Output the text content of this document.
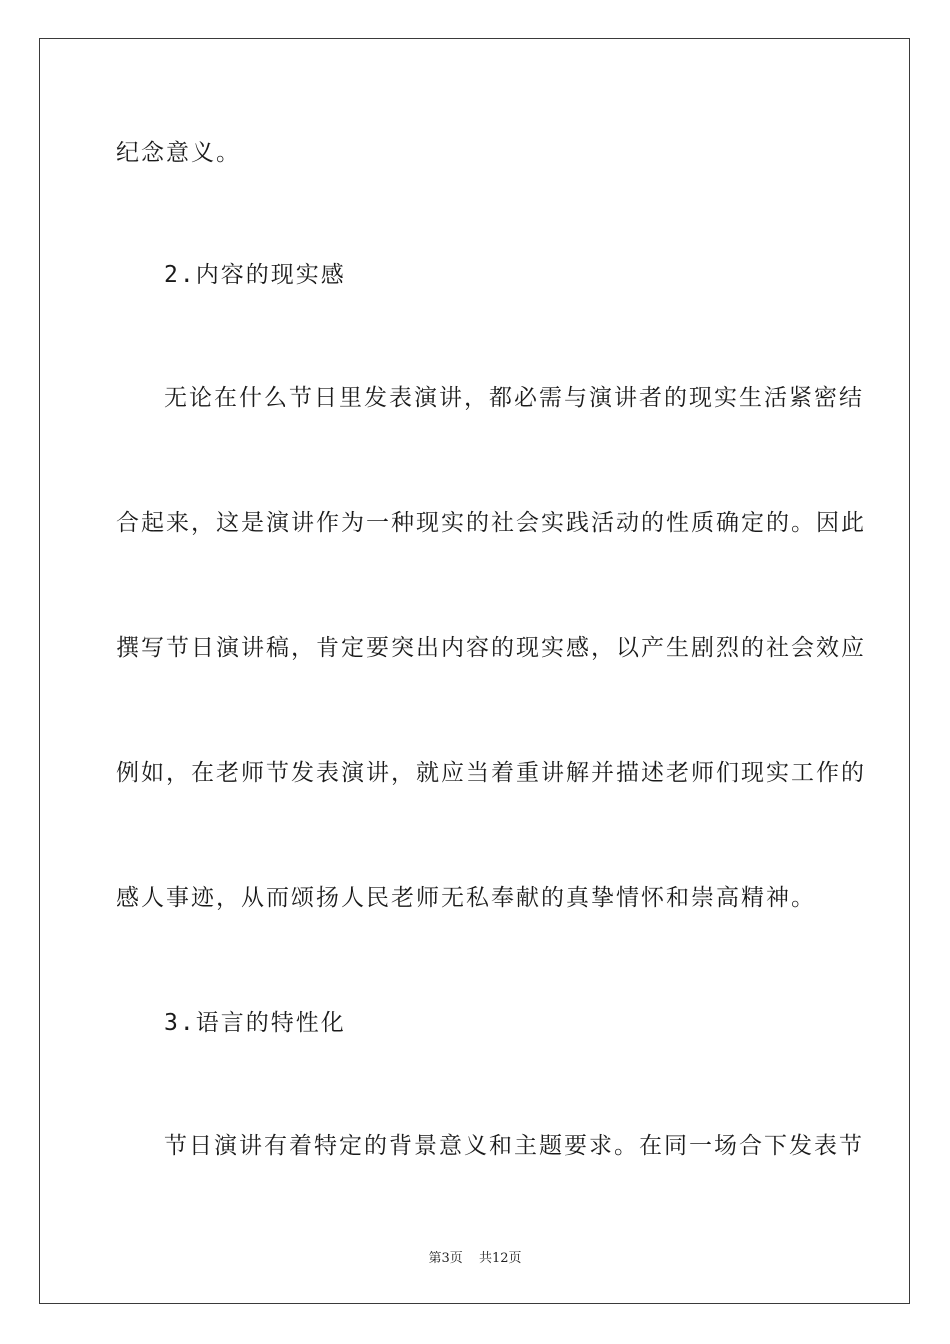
纪念意义。
2.内容的现实感
无论在什么节日里发表演讲，都必需与演讲者的现实生活紧密结
合起来，这是演讲作为一种现实的社会实践活动的性质确定的。因此
撰写节日演讲稿，肯定要突出内容的现实感，以产生剧烈的社会效应
例如，在老师节发表演讲，就应当着重讲解并描述老师们现实工作的
感人事迹，从而颂扬人民老师无私奉献的真挚情怀和崇高精神。
3.语言的特性化
节日演讲有着特定的背景意义和主题要求。在同一场合下发表节
第3页 共12页
